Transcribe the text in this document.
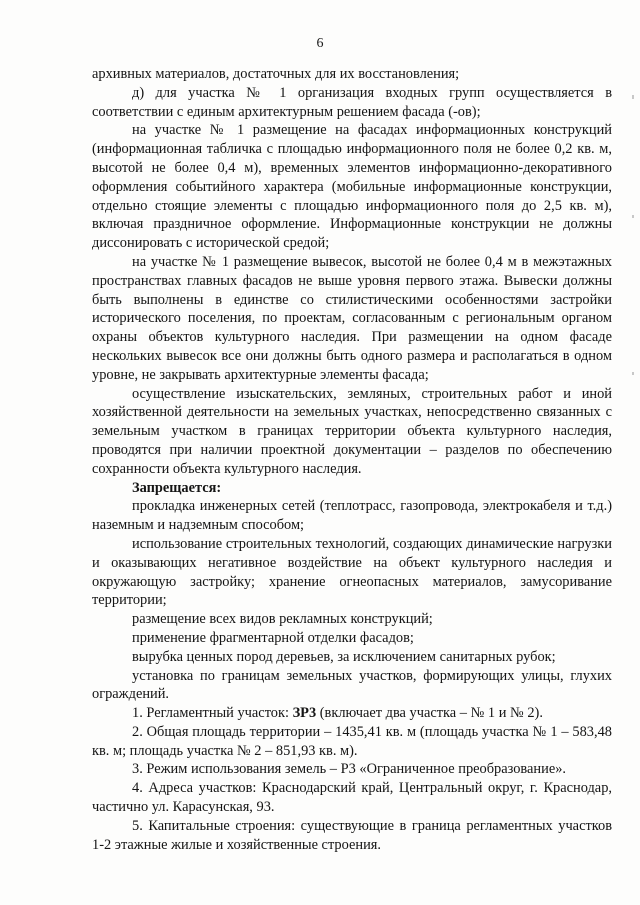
6

архивных материалов, достаточных для их восстановления;

д) для участка № 1 организация входных групп осуществляется в соответствии с единым архитектурным решением фасада (-ов);

на участке № 1 размещение на фасадах информационных конструкций (информационная табличка с площадью информационного поля не более 0,2 кв. м, высотой не более 0,4 м), временных элементов информационно-декоративного оформления событийного характера (мобильные информационные конструкции, отдельно стоящие элементы с площадью информационного поля до 2,5 кв. м), включая праздничное оформление. Информационные конструкции не должны диссонировать с исторической средой;

на участке № 1 размещение вывесок, высотой не более 0,4 м в межэтажных пространствах главных фасадов не выше уровня первого этажа. Вывески должны быть выполнены в единстве со стилистическими особенностями застройки исторического поселения, по проектам, согласованным с региональным органом охраны объектов культурного наследия. При размещении на одном фасаде нескольких вывесок все они должны быть одного размера и располагаться в одном уровне, не закрывать архитектурные элементы фасада;

осуществление изыскательских, земляных, строительных работ и иной хозяйственной деятельности на земельных участках, непосредственно связанных с земельным участком в границах территории объекта культурного наследия, проводятся при наличии проектной документации – разделов по обеспечению сохранности объекта культурного наследия.

Запрещается:

прокладка инженерных сетей (теплотрасс, газопровода, электрокабеля и т.д.) наземным и надземным способом;

использование строительных технологий, создающих динамические нагрузки и оказывающих негативное воздействие на объект культурного наследия и окружающую застройку; хранение огнеопасных материалов, замусоривание территории;

размещение всех видов рекламных конструкций;

применение фрагментарной отделки фасадов;

вырубка ценных пород деревьев, за исключением санитарных рубок;

установка по границам земельных участков, формирующих улицы, глухих ограждений.

1. Регламентный участок: ЗР3 (включает два участка – № 1 и № 2).

2. Общая площадь территории – 1435,41 кв. м (площадь участка № 1 – 583,48 кв. м; площадь участка № 2 – 851,93 кв. м).

3. Режим использования земель – Р3 «Ограниченное преобразование».

4. Адреса участков: Краснодарский край, Центральный округ, г. Краснодар, частично ул. Карасунская, 93.

5. Капитальные строения: существующие в граница регламентных участков 1-2 этажные жилые и хозяйственные строения.
